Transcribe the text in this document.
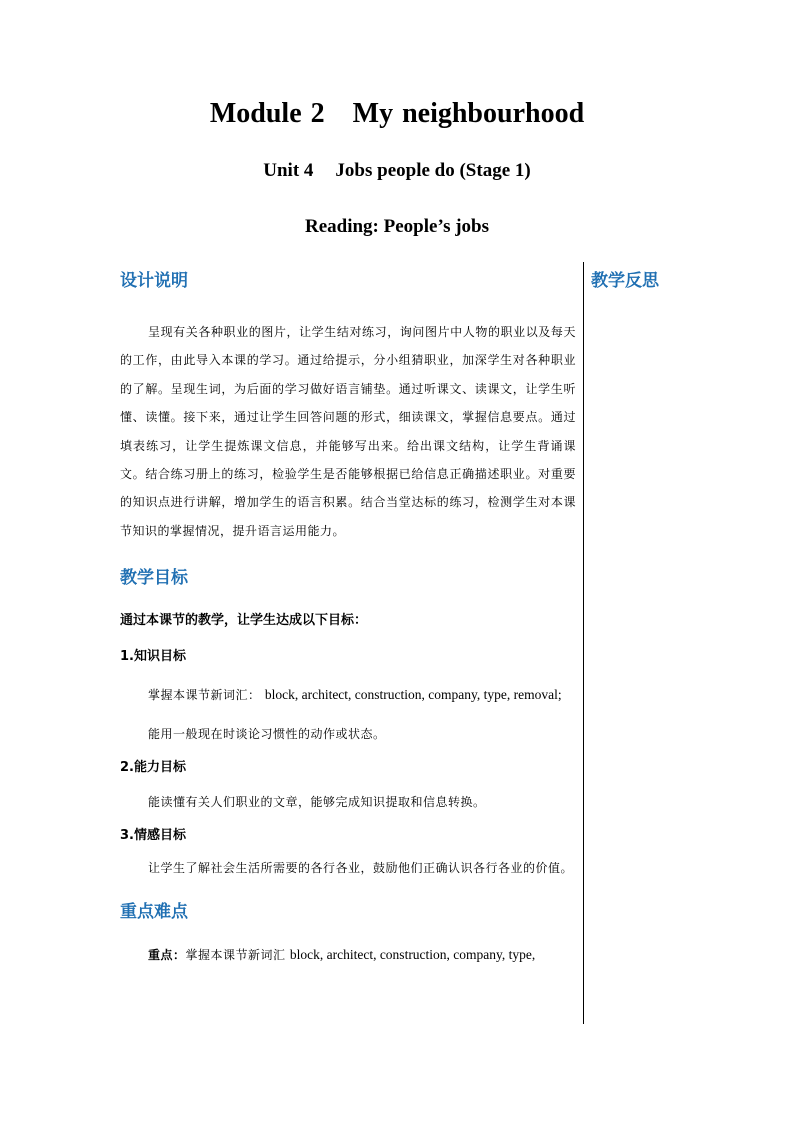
Module 2 My neighbourhood
Unit 4 Jobs people do (Stage 1)
Reading: People’s jobs
设计说明

呈现有关各种职业的图片，让学生结对练习，询问图片中人物的职业以及每天的工作，由此导入本课的学习。通过给提示，分小组猜职业，加深学生对各种职业的了解。呈现生词，为后面的学习做好语言铺垫。通过听课文、读课文，让学生听懂、读懂。接下来，通过让学生回答问题的形式，细读课文，掌握信息要点。通过填表练习，让学生提炼课文信息，并能够写出来。给出课文结构，让学生背诵课文。结合练习册上的练习，检验学生是否能够根据已给信息正确描述职业。对重要的知识点进行讲解，增加学生的语言积累。结合当堂达标的练习，检测学生对本课节知识的掌握情况，提升语言运用能力。

教学目标

通过本课节的教学，让学生达成以下目标：

1.知识目标

掌握本课节新词汇： block, architect, construction, company, type, removal;

能用一般现在时谈论习惯性的动作或状态。

2.能力目标

能读懂有关人们职业的文章，能够完成知识提取和信息转换。

3.情感目标

让学生了解社会生活所需要的各行各业，鼓励他们正确认识各行各业的价值。

重点难点

重点：掌握本课节新词汇 block, architect, construction, company, type,

教学反思
